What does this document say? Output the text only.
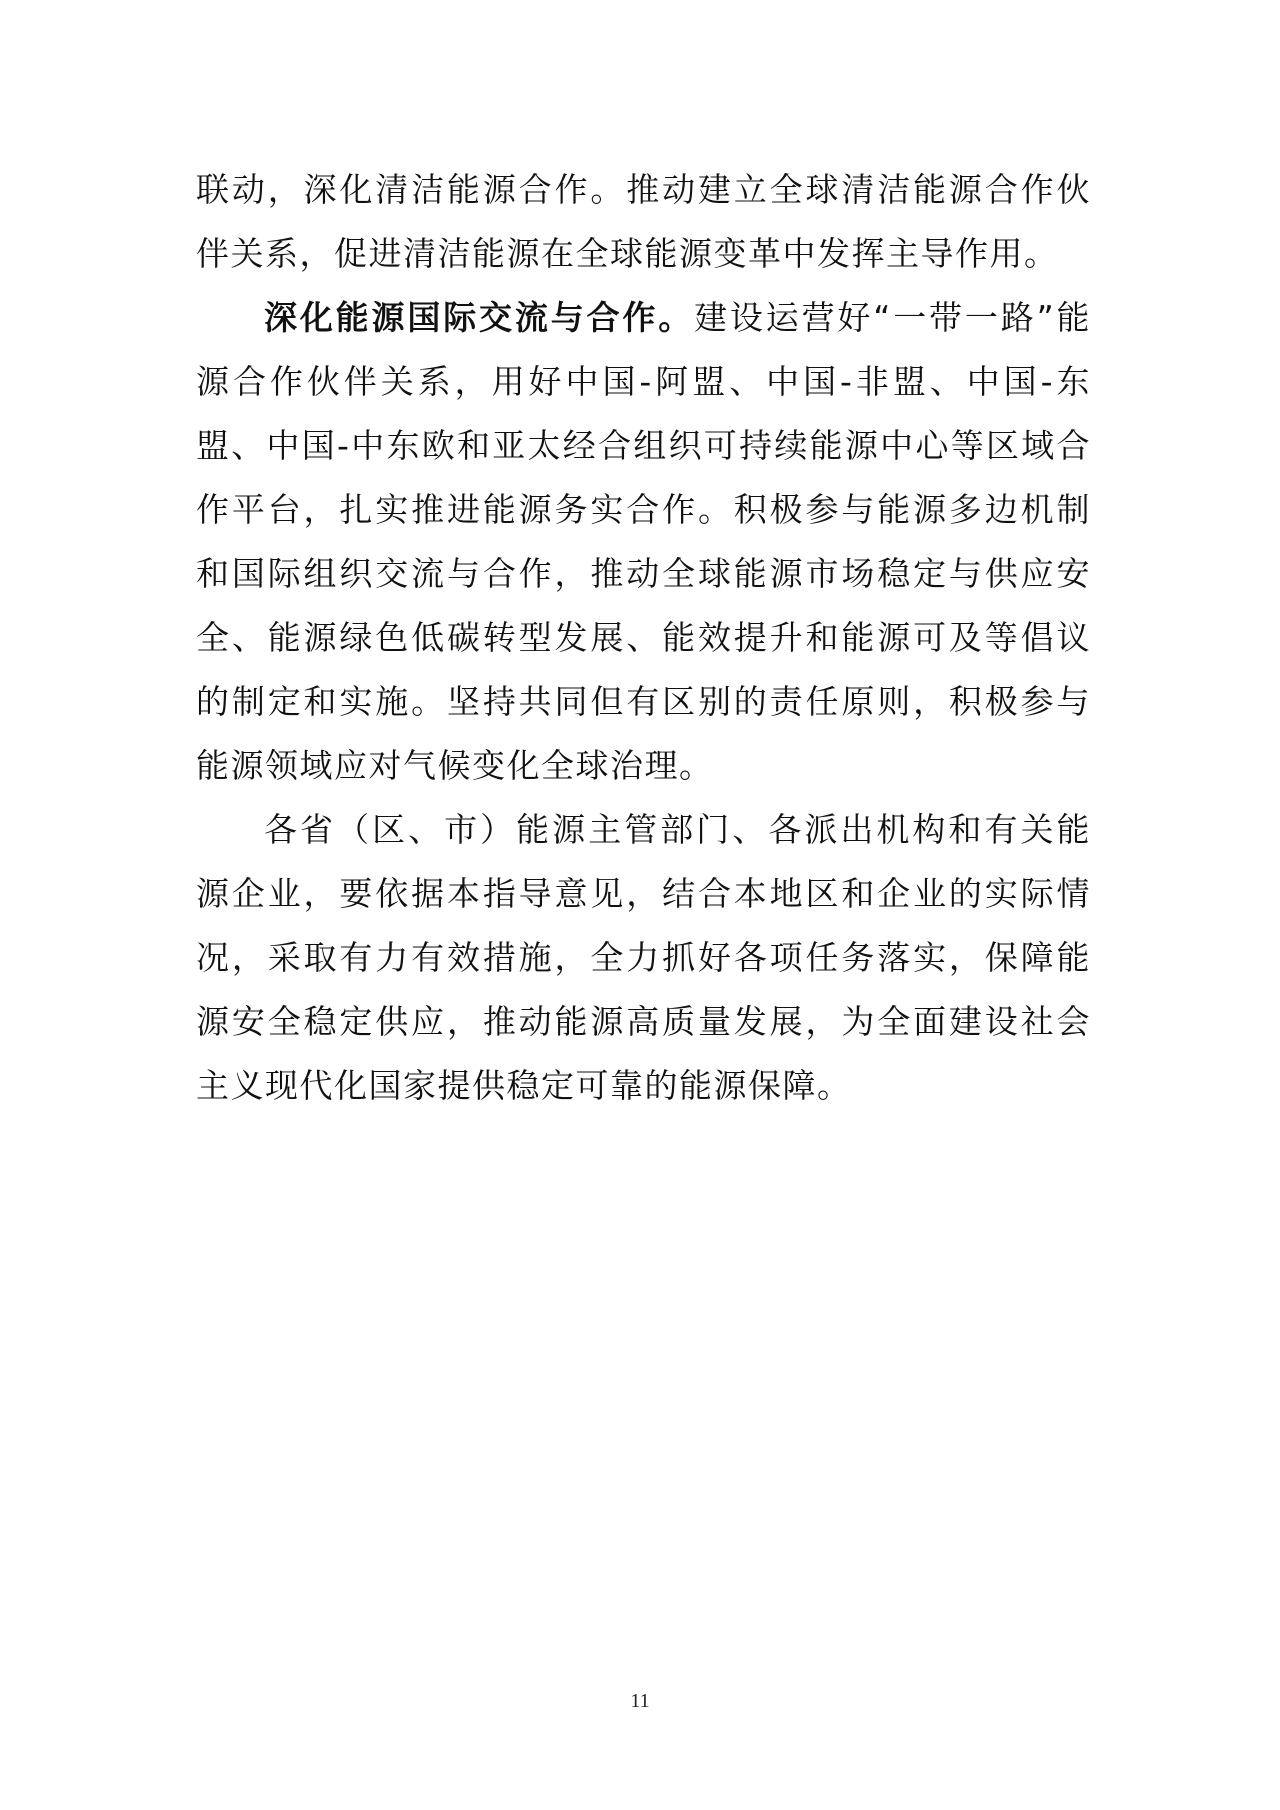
联动，深化清洁能源合作。推动建立全球清洁能源合作伙伴关系，促进清洁能源在全球能源变革中发挥主导作用。

深化能源国际交流与合作。建设运营好“一带一路”能源合作伙伴关系，用好中国-阿盟、中国-非盟、中国-东盟、中国-中东欧和亚太经合组织可持续能源中心等区域合作平台，扎实推进能源务实合作。积极参与能源多边机制和国际组织交流与合作，推动全球能源市场稳定与供应安全、能源绿色低碳转型发展、能效提升和能源可及等倡议的制定和实施。坚持共同但有区别的责任原则，积极参与能源领域应对气候变化全球治理。

各省（区、市）能源主管部门、各派出机构和有关能源企业，要依据本指导意见，结合本地区和企业的实际情况，采取有力有效措施，全力抓好各项任务落实，保障能源安全稳定供应，推动能源高质量发展，为全面建设社会主义现代化国家提供稳定可靠的能源保障。

11
